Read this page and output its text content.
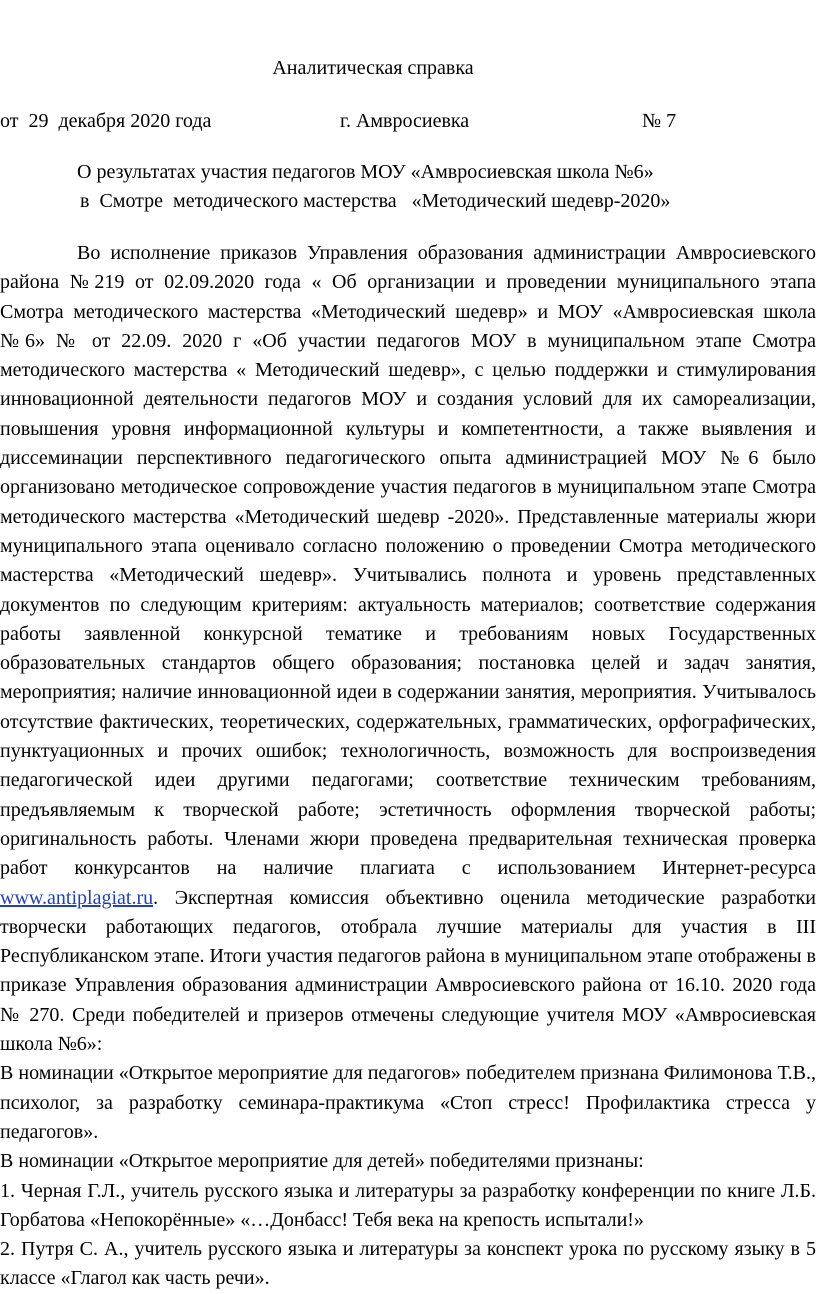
Аналитическая справка
от  29  декабря 2020 года	г. Амвросиевка	№ 7
О результатах участия педагогов МОУ «Амвросиевская школа №6»
в  Смотре  методического мастерства   «Методический шедевр-2020»

Во исполнение приказов Управления образования администрации Амвросиевского района №219 от 02.09.2020 года « Об организации и проведении муниципального этапа Смотра методического мастерства «Методический шедевр» и МОУ «Амвросиевская школа №6» № от 22.09. 2020 г «Об участии педагогов МОУ в муниципальном этапе Смотра методического мастерства « Методический шедевр», с целью поддержки и стимулирования инновационной деятельности педагогов МОУ и создания условий для их самореализации, повышения уровня информационной культуры и компетентности, а также выявления и диссеминации перспективного педагогического опыта администрацией МОУ №6 было организовано методическое сопровождение участия педагогов в муниципальном этапе Смотра методического мастерства «Методический шедевр -2020». Представленные материалы жюри муниципального этапа оценивало согласно положению о проведении Смотра методического мастерства «Методический шедевр». Учитывались полнота и уровень представленных документов по следующим критериям: актуальность материалов; соответствие содержания работы заявленной конкурсной тематике и требованиям новых Государственных образовательных стандартов общего образования; постановка целей и задач занятия, мероприятия; наличие инновационной идеи в содержании занятия, мероприятия. Учитывалось отсутствие фактических, теоретических, содержательных, грамматических, орфографических, пунктуационных и прочих ошибок; технологичность, возможность для воспроизведения педагогической идеи другими педагогами; соответствие техническим требованиям, предъявляемым к творческой работе; эстетичность оформления творческой работы; оригинальность работы. Членами жюри проведена предварительная техническая проверка работ конкурсантов на наличие плагиата с использованием Интернет-ресурса www.antiplagiat.ru. Экспертная комиссия объективно оценила методические разработки творчески работающих педагогов, отобрала лучшие материалы для участия в III Республиканском этапе. Итоги участия педагогов района в муниципальном этапе отображены в приказе Управления образования администрации Амвросиевского района от 16.10. 2020 года № 270. Среди победителей и призеров отмечены следующие учителя МОУ «Амвросиевская школа №6»:

В номинации «Открытое мероприятие для педагогов» победителем признана Филимонова Т.В., психолог, за разработку семинара-практикума «Стоп стресс! Профилактика стресса у педагогов».

В номинации «Открытое мероприятие для детей» победителями признаны:

1. Черная Г.Л., учитель русского языка и литературы за разработку конференции по книге Л.Б. Горбатова «Непокорённые» «…Донбасс! Тебя века на крепость испытали!»

2. Путря С. А., учитель русского языка и литературы за конспект урока по русскому языку в 5 классе «Глагол как часть речи».
